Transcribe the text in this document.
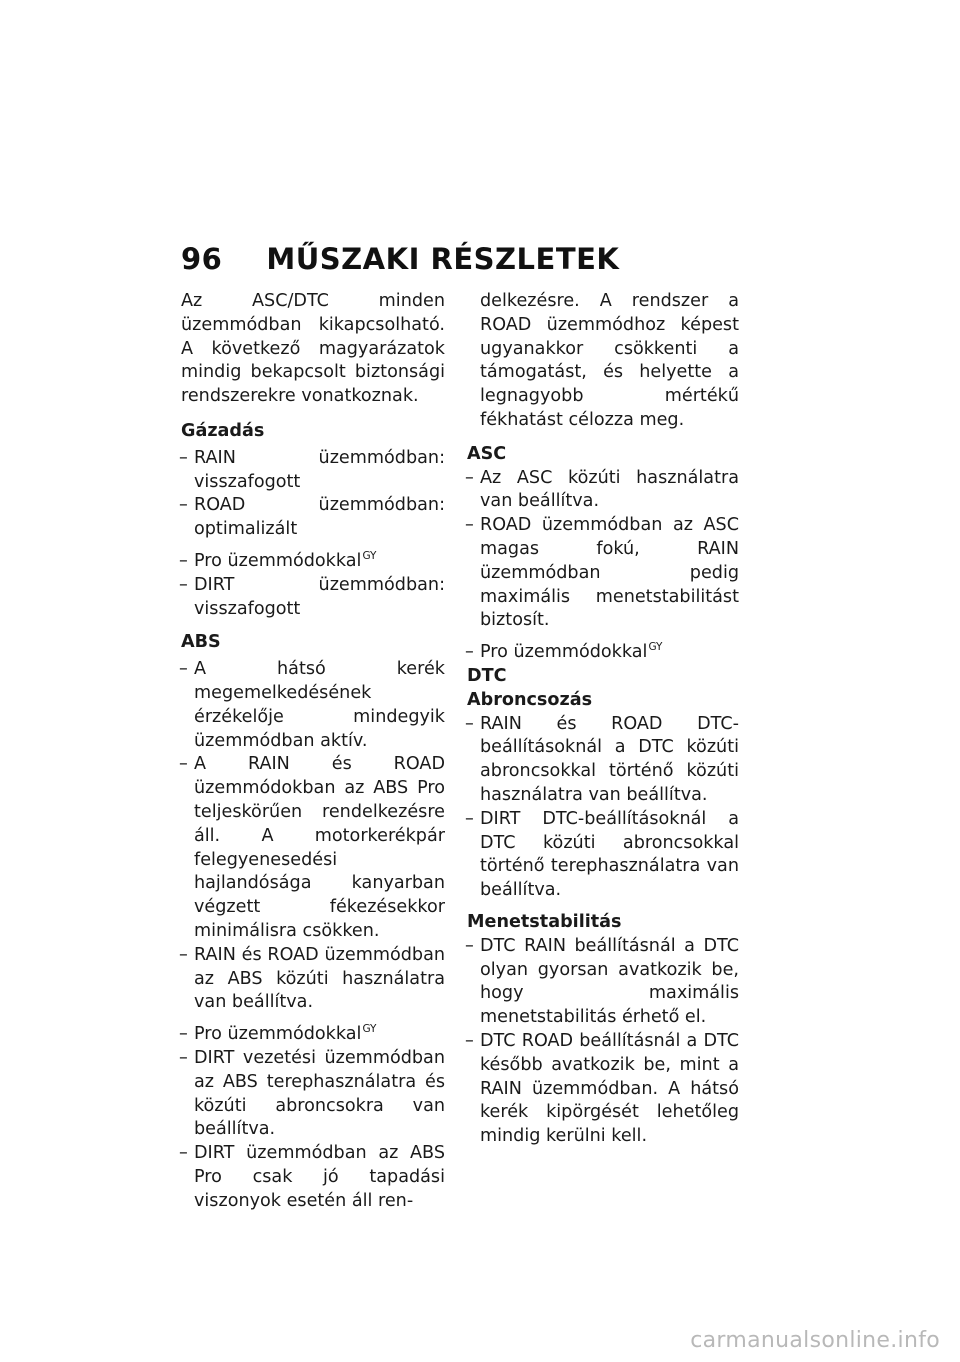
96 MŰSZAKI RÉSZLETEK

Az ASC/DTC minden üzemmódban kikapcsolható. A következő magyarázatok mindig bekapcsolt biztonsági rendszerekre vonatkoznak.

Gázadás
– RAIN üzemmódban: visszafogott
– ROAD üzemmódban: optimalizált
– Pro üzemmódokkal$^{GY}$
– DIRT üzemmódban: visszafogott
ABS
– A hátsó kerék megemelkedésének érzékelője mindegyik üzemmódban aktív.
– A RAIN és ROAD üzemmódokban az ABS Pro teljeskörűen rendelkezésre áll. A motorkerékpár felegyenesedési hajlandósága kanyarban végzett fékezésekkor minimálisra csökken.
– RAIN és ROAD üzemmódban az ABS közúti használatra van beállítva.
– Pro üzemmódokkal$^{GY}$
– DIRT vezetési üzemmódban az ABS terephasználatra és közúti abroncsokra van beállítva.
– DIRT üzemmódban az ABS Pro csak jó tapadási viszonyok esetén áll ren-

delkezésre. A rendszer a ROAD üzemmódhoz képest ugyanakkor csökkenti a támogatást, és helyette a legnagyobb mértékű fékhatást célozza meg.

ASC
– Az ASC közúti használatra van beállítva.
– ROAD üzemmódban az ASC magas fokú, RAIN üzemmódban pedig maximális menetstabilitást biztosít.
– Pro üzemmódokkal$^{GY}$
DTC
Abroncsozás
– RAIN és ROAD DTC-beállításoknál a DTC közúti abroncsokkal történő közúti használatra van beállítva.
– DIRT DTC-beállításoknál a DTC közúti abroncsokkal történő terephasználatra van beállítva.
Menetstabilitás
– DTC RAIN beállításnál a DTC olyan gyorsan avatkozik be, hogy maximális menetstabilitás érhető el.
– DTC ROAD beállításnál a DTC később avatkozik be, mint a RAIN üzemmódban. A hátsó kerék kipörgését lehetőleg mindig kerülni kell.
carmanualsonline.info
